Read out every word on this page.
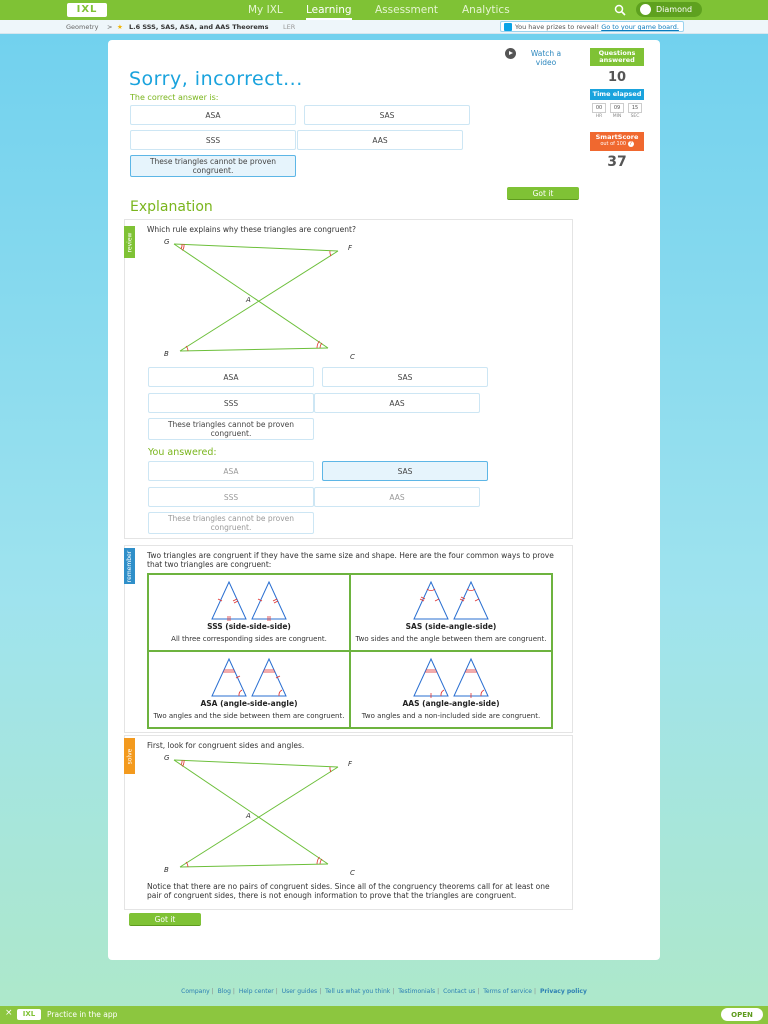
IXL	My IXL Learning Assessment Analytics	Diamond
Geometry > ★ L.6 SSS, SAS, ASA, and AAS Theorems LER	You have prizes to reveal! Go to your game board.
Watch a video
Sorry, incorrect...
The correct answer is:
ASA	SAS
SSS	AAS
These triangles cannot be proven congruent.
Got it
Explanation
review
Which rule explains why these triangles are congruent?
G
F
A
B	C
ASA	SAS
SSS	AAS
These triangles cannot be proven congruent.
You answered:
ASA	SAS
SSS	AAS
These triangles cannot be proven congruent.
remember Two triangles are congruent if they have the same size and shape. Here are the four common ways to prove that two triangles are congruent:
SSS (side-side-side)
All three corresponding sides are congruent.
SAS (side-angle-side)
Two sides and the angle between them are congruent.
ASA (angle-side-angle)
Two angles and the side between them are congruent.
AAS (angle-angle-side)
Two angles and a non-included side are congruent.
solve
First, look for congruent sides and angles.
G
F
A
B	C
Notice that there are no pairs of congruent sides. Since all of the congruency theorems call for at least one pair of congruent sides, there is not enough information to prove that the triangles are congruent.
Got it
Questions answered
10
Time elapsed
00
HR
09
MIN
15
SEC
SmartScore
out of 100 ?
37
Company | Blog | Help center | User guides | Tell us what you think | Testimonials | Contact us | Terms of service | Privacy policy
×	IXL	Practice in the app	OPEN
